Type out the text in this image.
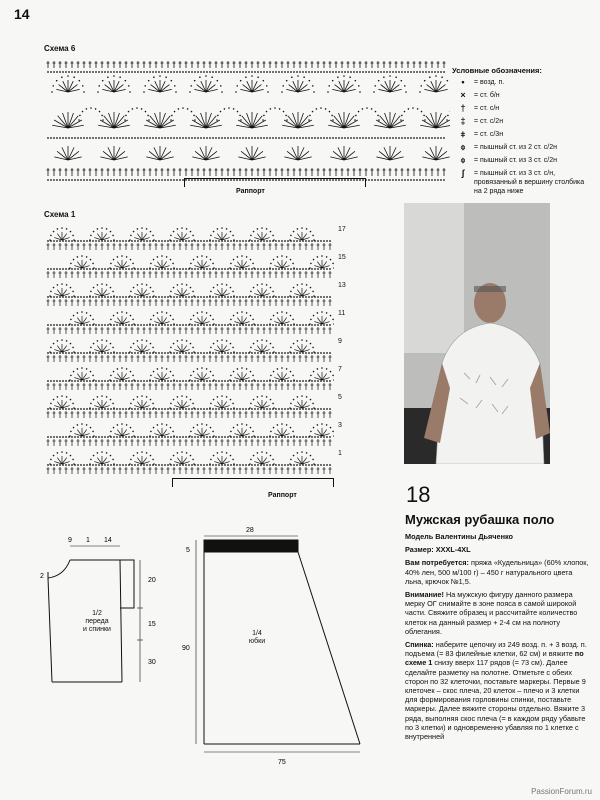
14
Схема 6
Раппорт
Условные обозначения:
•	= возд. п.
×	= ст. б/н
†	= ст. с/н
‡	= ст. с/2н
⧧	= ст. с/3н
⌽	= пышный ст. из 2 ст. с/2н
⌽	= пышный ст. из 3 ст. с/2н
∫	= пышный ст. из 3 ст. с/н, провязанный в вершину столбика на 2 ряда ниже
Схема 1
17
15
13
11
9
7
5
3
1
Раппорт	18
Мужская рубашка поло

Модель Валентины Дьяченко

Размер: XXXL-4XL

Вам потребуется: пряжа «Кудельница» (60% хлопок, 40% лен, 500 м/100 г) – 450 г натурального цвета льна, крючок №1,5.

Внимание! На мужскую фигуру данного размера мерку ОГ снимайте в зоне пояса в самой широкой части. Свяжите образец и рассчитайте количество клеток на данный размер + 2-4 см на полноту облегания.

Спинка: наберите цепочку из 249 возд. п. + 3 возд. п. подъема (= 83 филейные клетки, 62 см) и вяжите по схеме 1 снизу вверх 117 рядов (= 73 см). Далее сделайте разметку на полотне. Отметьте с обеих сторон по 32 клеточки, поставьте маркеры. Первые 9 клеточек – скос плеча, 20 клеток – плечо и 3 клетки для формирования горловины спинки, поставьте маркеры. Далее вяжите стороны отдельно. Вяжите 3 ряда, выполняя скос плеча (= в каждом ряду убавьте по 3 клетки) и одновременно убавляя по 1 клетке с внутренней

9 1 14
2
20
15
30
1/2
переда
и спинки
28
5
90
75
1/4
юбки
PassionForum.ru
